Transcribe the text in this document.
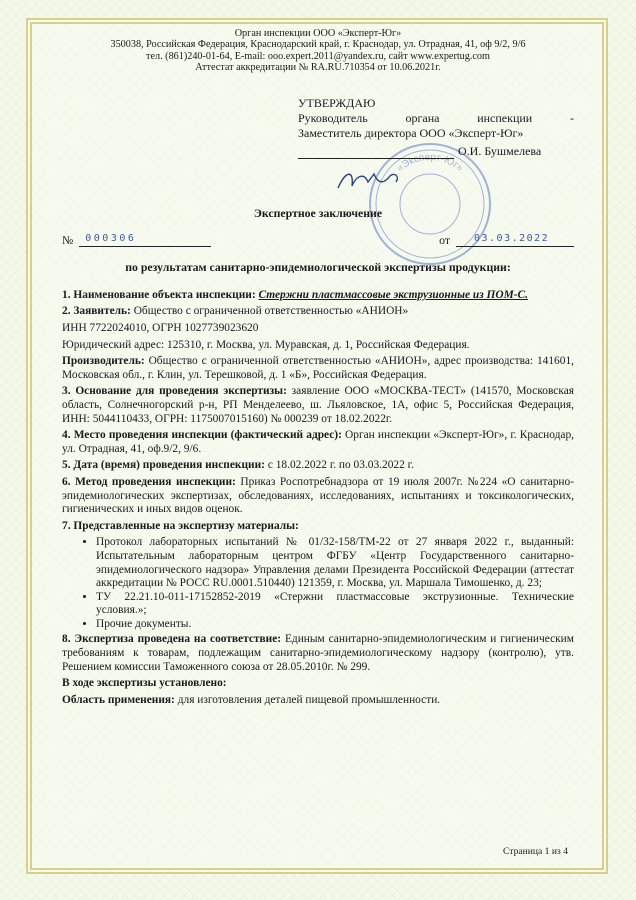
«Эксперт-Юг»
Орган инспекции ООО «Эксперт-Юг»
350038, Российская Федерация, Краснодарский край, г. Краснодар, ул. Отрадная, 41, оф 9/2, 9/6
тел. (861)240-01-64, E-mail: ooo.expert.2011@yandex.ru, сайт www.expertug.com
Аттестат аккредитации № RA.RU.710354 от 10.06.2021г.
УТВЕРЖДАЮ
Руководитель	органа	инспекции	-
Заместитель директора ООО «Эксперт-Юг»
О.И. Бушмелева
Экспертное заключение
№ 000306	от 03.03.2022
по результатам санитарно-эпидемиологической экспертизы продукции:

1. Наименование объекта инспекции: Стержни пластмассовые экструзионные из ПОМ-С.

2. Заявитель: Общество с ограниченной ответственностью «АНИОН»

ИНН 7722024010, ОГРН 1027739023620

Юридический адрес: 125310, г. Москва, ул. Муравская, д. 1, Российская Федерация.

Производитель: Общество с ограниченной ответственностью «АНИОН», адрес производства: 141601, Московская обл., г. Клин, ул. Терешковой, д. 1 «Б», Российская Федерация.

3. Основание для проведения экспертизы: заявление ООО «МОСКВА-ТЕСТ» (141570, Московская область, Солнечногорский р-н, РП Менделеево, ш. Льяловское, 1А, офис 5, Российская Федерация, ИНН: 5044110433, ОГРН: 1175007015160) № 000239 от 18.02.2022г.

4. Место проведения инспекции (фактический адрес): Орган инспекции «Эксперт-Юг», г. Краснодар, ул. Отрадная, 41, оф.9/2, 9/6.

5. Дата (время) проведения инспекции: с 18.02.2022 г. по 03.03.2022 г.

6. Метод проведения инспекции: Приказ Роспотребнадзора от 19 июля 2007г. №224 «О санитарно-эпидемиологических экспертизах, обследованиях, исследованиях, испытаниях и токсикологических, гигиенических и иных видов оценок.

7. Представленные на экспертизу материалы:

• Протокол лабораторных испытаний № 01/32-158/ТМ-22 от 27 января 2022 г., выданный: Испытательным лабораторным центром ФГБУ «Центр Государственного санитарно-эпидемиологического надзора» Управления делами Президента Российской Федерации (аттестат аккредитации № РОСС RU.0001.510440) 121359, г. Москва, ул. Маршала Тимошенко, д. 23;
• ТУ 22.21.10-011-17152852-2019 «Стержни пластмассовые экструзионные. Технические условия.»;
• Прочие документы.

8. Экспертиза проведена на соответствие: Единым санитарно-эпидемиологическим и гигиеническим требованиям к товарам, подлежащим санитарно-эпидемиологическому надзору (контролю), утв. Решением комиссии Таможенного союза от 28.05.2010г. № 299.

В ходе экспертизы установлено:

Область применения: для изготовления деталей пищевой промышленности.

Страница 1 из 4
